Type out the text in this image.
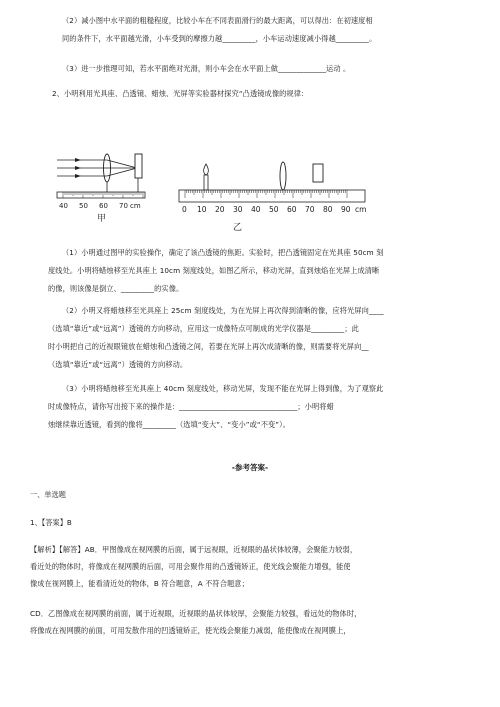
（2）减小图中水平面的粗糙程度，比较小车在不同表面滑行的最大距离，可以得出：在初速度相
同的条件下，水平面越光滑，小车受到的摩擦力越_________，小车运动速度减小得越_________。
（3）进一步推理可知，若水平面绝对光滑，则小车会在水平面上做_____________运动 。
2、小明利用光具座、凸透镜、蜡烛、光屏等实验器材探究“凸透镜成像的规律：
40 50 60 70 cm
甲
0 10 20 30 40 50 60 70 80 90 cm
乙
（1）小明通过图甲的实验操作，确定了该凸透镜的焦距。实验时，把凸透镜固定在光具座 50cm 刻
度线处。小明将蜡烛移至光具座上 10cm 刻度线处，如图乙所示，移动光屏，直到烛焰在光屏上成清晰
的像，则该像是倒立、_________的实像。
（2）小明又将蜡烛移至光具座上 25cm 刻度线处，为在光屏上再次得到清晰的像，应将光屏向____
（选填“靠近”或“远离”）透镜的方向移动，应用这一成像特点可制成的光学仪器是_________；此
时小明把自己的近视眼镜放在蜡烛和凸透镜之间，若要在光屏上再次成清晰的像，则需要将光屏向__
（选填“靠近”或“远离”）透镜的方向移动。
（3）小明将蜡烛移至光具座上 40cm 刻度线处，移动光屏，发现不能在光屏上得到像，为了观察此
时成像特点，请你写出接下来的操作是：________________________________；小明将蜡
烛继续靠近透镜，看到的像将_________（选填“变大”、“变小”或“不变”）。
-参考答案-
一、单选题
1、【答案】B
【解析】【解答】AB．甲图像成在视网膜的后面，属于远视眼，近视眼的晶状体较薄，会聚能力较弱，
看近处的物体时，将像成在视网膜的后面，可用会聚作用的凸透镜矫正，使光线会聚能力增强，能使
像成在视网膜上，能看清近处的物体，B 符合题意，A 不符合题意；
CD．乙图像成在视网膜的前面，属于近视眼，近视眼的晶状体较厚，会聚能力较强，看远处的物体时，
将像成在视网膜的前面，可用发散作用的凹透镜矫正，使光线会聚能力减弱，能使像成在视网膜上，
